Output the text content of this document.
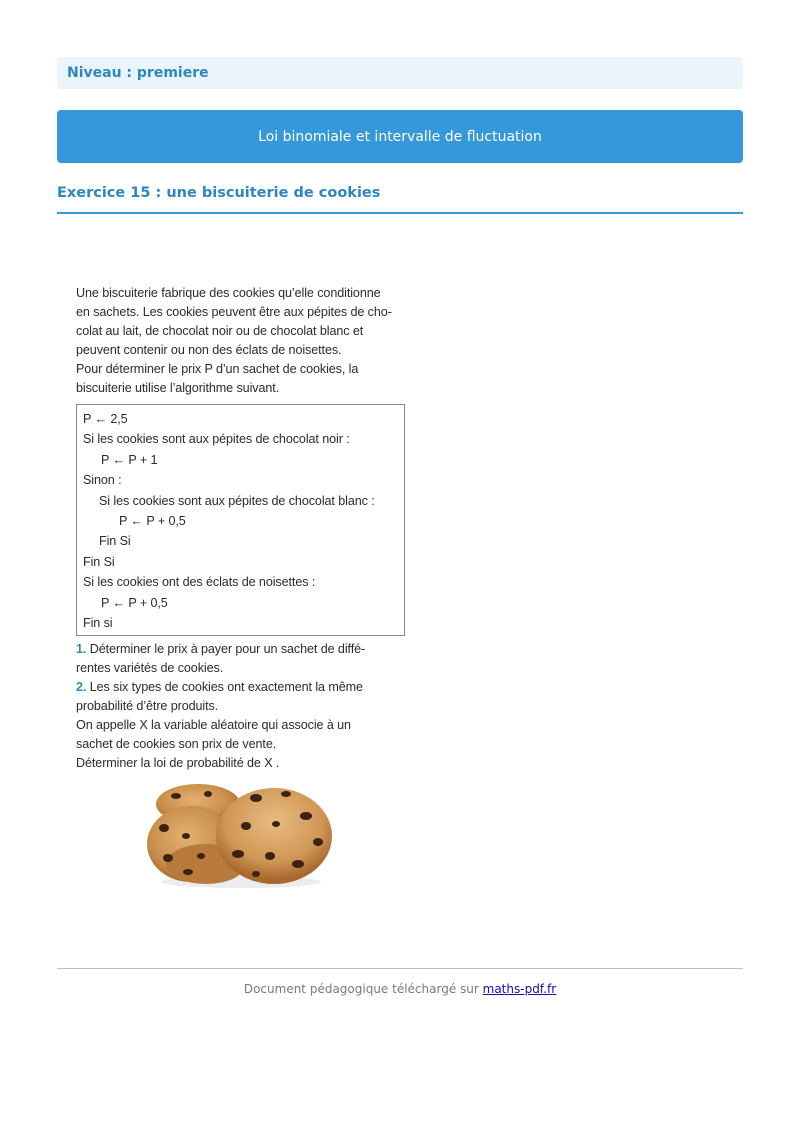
Niveau : premiere
Loi binomiale et intervalle de fluctuation
Exercice 15 : une biscuiterie de cookies

Une biscuiterie fabrique des cookies qu’elle conditionne

en sachets. Les cookies peuvent être aux pépites de cho-

colat au lait, de chocolat noir ou de chocolat blanc et

peuvent contenir ou non des éclats de noisettes.

Pour déterminer le prix P d’un sachet de cookies, la

biscuiterie utilise l’algorithme suivant.

P ← 2,5
Si les cookies sont aux pépites de chocolat noir :
P ← P + 1
Sinon :
Si les cookies sont aux pépites de chocolat blanc :
P ← P + 0,5
Fin Si
Fin Si
Si les cookies ont des éclats de noisettes :
P ← P + 0,5
Fin si

1. Déterminer le prix à payer pour un sachet de diffé-

rentes variétés de cookies.

2. Les six types de cookies ont exactement la même

probabilité d’être produits.

On appelle X la variable aléatoire qui associe à un

sachet de cookies son prix de vente.

Déterminer la loi de probabilité de X .

Document pédagogique téléchargé sur maths-pdf.fr
